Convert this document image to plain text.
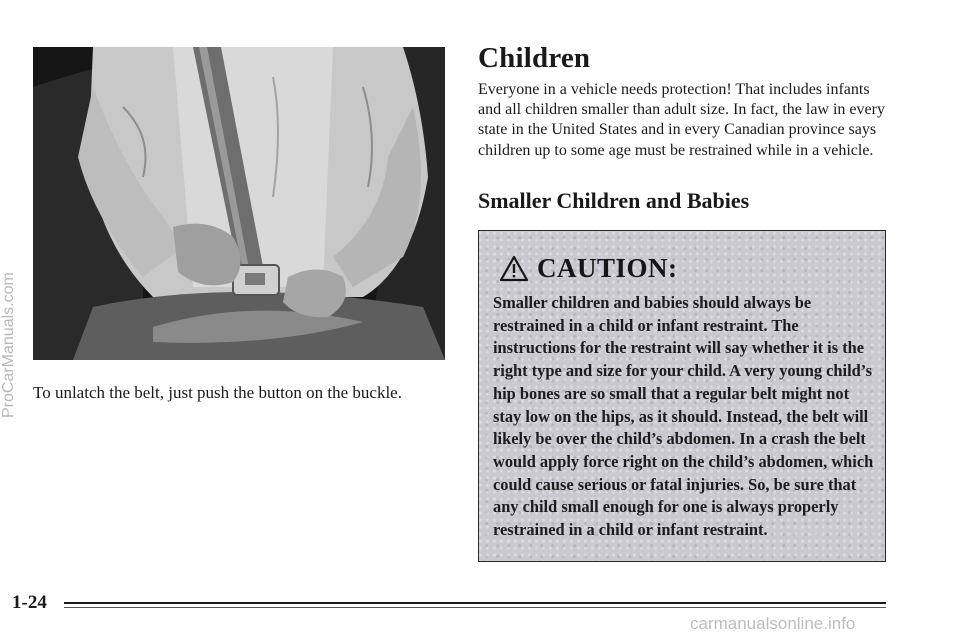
To unlatch the belt, just push the button on the buckle.

Children

Everyone in a vehicle needs protection! That includes infants and all children smaller than adult size. In fact, the law in every state in the United States and in every Canadian province says children up to some age must be restrained while in a vehicle.

Smaller Children and Babies
CAUTION:

Smaller children and babies should always be restrained in a child or infant restraint. The instructions for the restraint will say whether it is the right type and size for your child. A very young child’s hip bones are so small that a regular belt might not stay low on the hips, as it should. Instead, the belt will likely be over the child’s abdomen. In a crash the belt would apply force right on the child’s abdomen, which could cause serious or fatal injuries. So, be sure that any child small enough for one is always properly restrained in a child or infant restraint.

ProCarManuals.com

1-24

carmanualsonline.info
